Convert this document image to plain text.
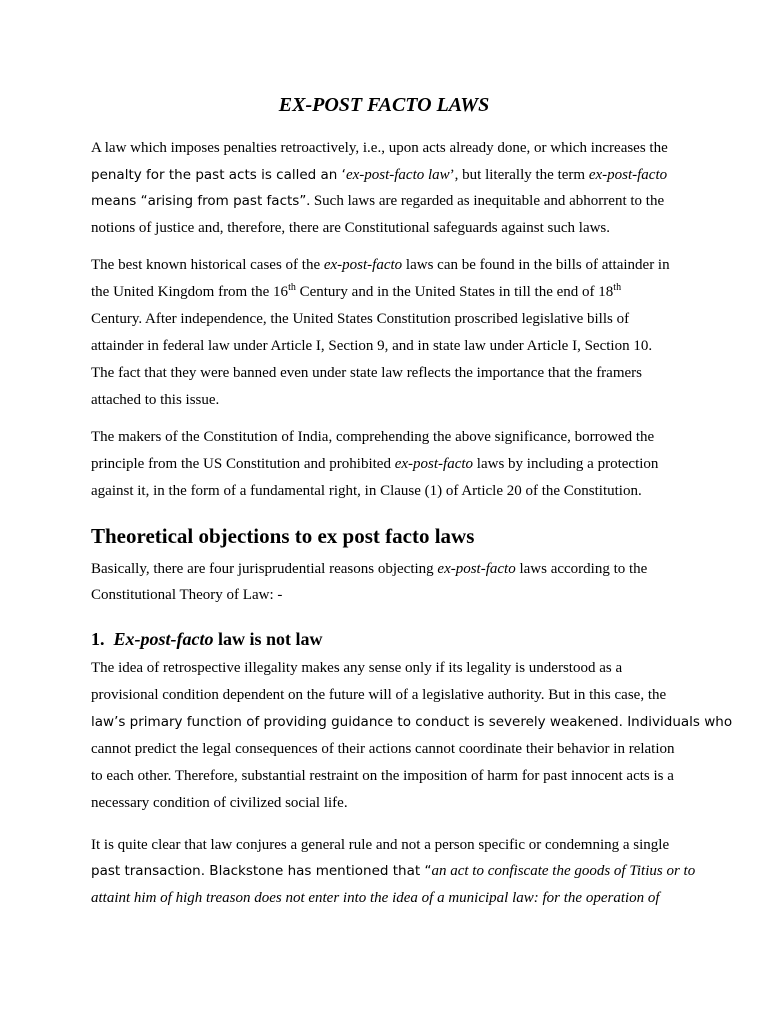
EX-POST FACTO LAWS

A law which imposes penalties retroactively, i.e., upon acts already done, or which increases the

penalty for the past acts is called an ‘ex-post-facto law’, but literally the term ex-post-facto

means “arising from past facts”. Such laws are regarded as inequitable and abhorrent to the

notions of justice and, therefore, there are Constitutional safeguards against such laws.

The best known historical cases of the ex-post-facto laws can be found in the bills of attainder in

the United Kingdom from the 16th Century and in the United States in till the end of 18th

Century. After independence, the United States Constitution proscribed legislative bills of

attainder in federal law under Article I, Section 9, and in state law under Article I, Section 10.

The fact that they were banned even under state law reflects the importance that the framers

attached to this issue.

The makers of the Constitution of India, comprehending the above significance, borrowed the

principle from the US Constitution and prohibited ex-post-facto laws by including a protection

against it, in the form of a fundamental right, in Clause (1) of Article 20 of the Constitution.

Theoretical objections to ex post facto laws

Basically, there are four jurisprudential reasons objecting ex-post-facto laws according to the

Constitutional Theory of Law: -

1. Ex-post-facto law is not law

The idea of retrospective illegality makes any sense only if its legality is understood as a

provisional condition dependent on the future will of a legislative authority. But in this case, the

law’s primary function of providing guidance to conduct is severely weakened. Individuals who

cannot predict the legal consequences of their actions cannot coordinate their behavior in relation

to each other. Therefore, substantial restraint on the imposition of harm for past innocent acts is a

necessary condition of civilized social life.

It is quite clear that law conjures a general rule and not a person specific or condemning a single

past transaction. Blackstone has mentioned that “an act to confiscate the goods of Titius or to

attaint him of high treason does not enter into the idea of a municipal law: for the operation of
